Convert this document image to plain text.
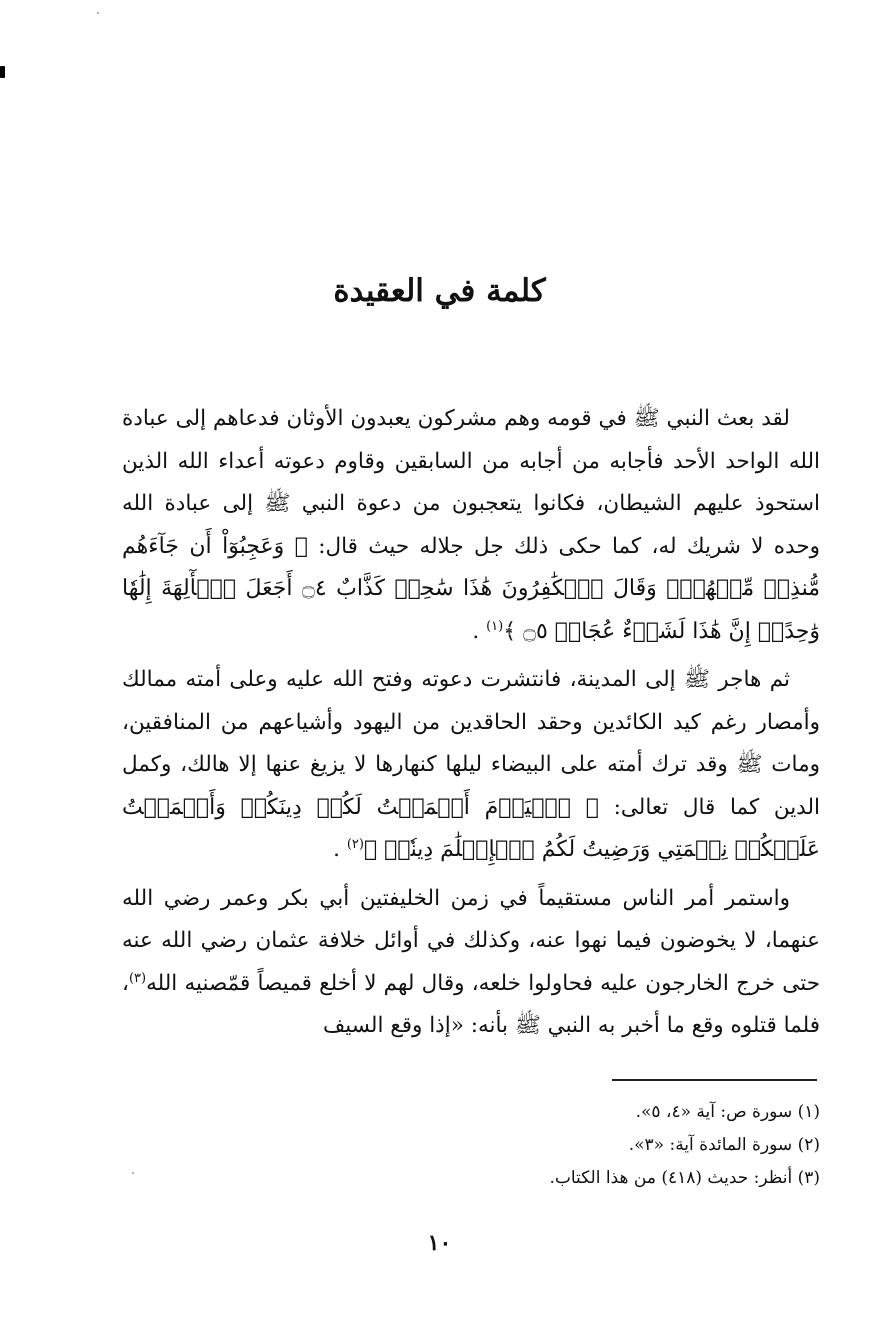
كلمة في العقيدة

لقد بعث النبي ﷺ في قومه وهم مشركون يعبدون الأوثان فدعاهم إلى عبادة الله الواحد الأحد فأجابه من أجابه من السابقين وقاوم دعوته أعداء الله الذين استحوذ عليهم الشيطان، فكانوا يتعجبون من دعوة النبي ﷺ إلى عبادة الله وحده لا شريك له، كما حكى ذلك جل جلاله حيث قال: ﴿ وَعَجِبُوٓاْ أَن جَآءَهُم مُّنذِرٞ مِّنۡهُمۡۖ وَقَالَ ٱلۡكَٰفِرُونَ هَٰذَا سَٰحِرٞ كَذَّابٌ ۝٤ أَجَعَلَ ٱلۡأٓلِهَةَ إِلَٰهٗا وَٰحِدًاۖ إِنَّ هَٰذَا لَشَيۡءٌ عُجَابٞ ۝٥ ﴾$^{(١)}$ .

ثم هاجر ﷺ إلى المدينة، فانتشرت دعوته وفتح الله عليه وعلى أمته ممالك وأمصار رغم كيد الكائدين وحقد الحاقدين من اليهود وأشياعهم من المنافقين، ومات ﷺ وقد ترك أمته على البيضاء ليلها كنهارها لا يزيغ عنها إلا هالك، وكمل الدين كما قال تعالى: ﴿ ٱلۡيَوۡمَ أَكۡمَلۡتُ لَكُمۡ دِينَكُمۡ وَأَتۡمَمۡتُ عَلَيۡكُمۡ نِعۡمَتِي وَرَضِيتُ لَكُمُ ٱلۡإِسۡلَٰمَ دِينٗاۚ ﴾$^{(٢)}$ .

واستمر أمر الناس مستقيماً في زمن الخليفتين أبي بكر وعمر رضي الله عنهما، لا يخوضون فيما نهوا عنه، وكذلك في أوائل خلافة عثمان رضي الله عنه حتى خرج الخارجون عليه فحاولوا خلعه، وقال لهم لا أخلع قميصاً قمّصنيه الله$^{(٣)}$، فلما قتلوه وقع ما أخبر به النبي ﷺ بأنه: «إذا وقع السيف

(١) سورة ص: آية «٤، ٥».

(٢) سورة المائدة آية: «٣».

(٣) أنظر: حديث (٤١٨) من هذا الكتاب.

١٠
